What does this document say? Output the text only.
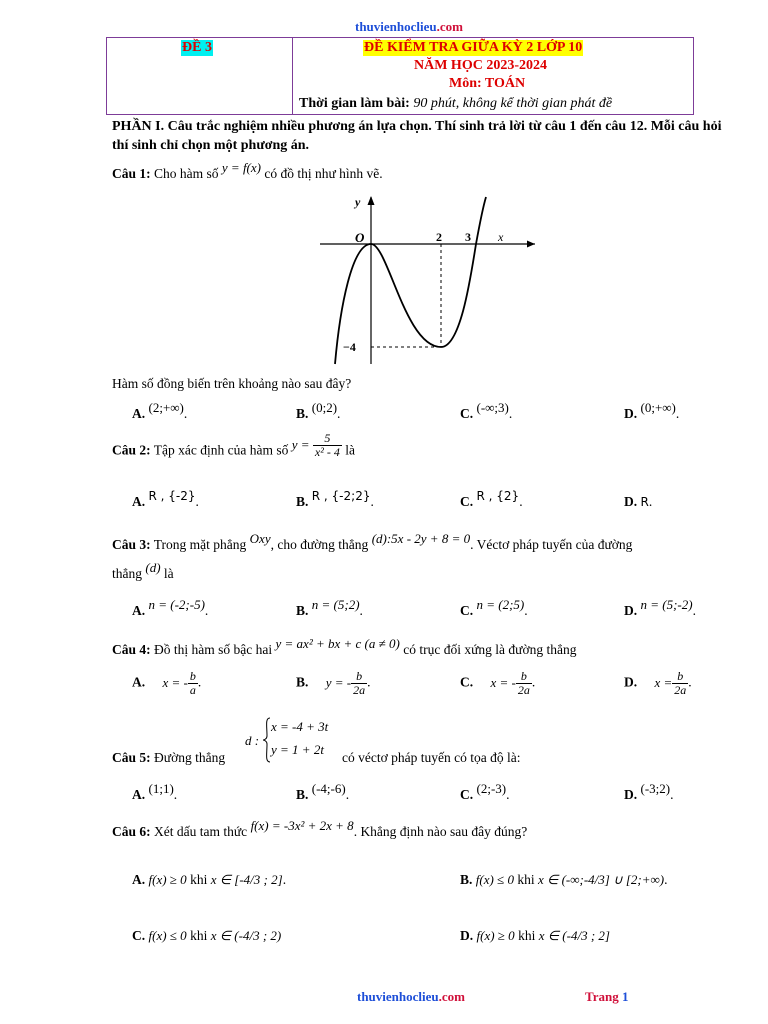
thuvienhoclieu.com
ĐỀ 3	ĐỀ KIỂM TRA GIỮA KỲ 2 LỚP 10
NĂM HỌC 2023-2024
Môn: TOÁN
Thời gian làm bài: 90 phút, không kể thời gian phát đề
PHẦN I. Câu trắc nghiệm nhiều phương án lựa chọn. Thí sinh trả lời từ câu 1 đến câu 12. Mỗi câu hỏi thí sinh chỉ chọn một phương án.
Câu 1: Cho hàm số y = f(x) có đồ thị như hình vẽ.
y
x
O	2 3
−4
Hàm số đồng biến trên khoảng nào sau đây?
A. (2;+∞).	B. (0;2).	C. (-∞;3).	D. (0;+∞).
Câu 2: Tập xác định của hàm số $y = \frac{5}{\text{x² - 4}}$ là
A. R , {-2}.	B. R , {-2;2}.	C. R , {2}.	D. R.
Câu 3: Trong mặt phẳng Oxy, cho đường thẳng (d):5x - 2y + 8 = 0. Véctơ pháp tuyến của đường
thẳng (d) là
A. n = (-2;-5).	B. n = (5;2).	C. n = (2;5).	D. n = (5;-2).
Câu 4: Đồ thị hàm số bậc hai y = ax² + bx + c (a ≠ 0) có trục đối xứng là đường thẳng
A. x = - $\frac{b}{a}$ .	B. y = - $\frac{b}{2a}$ .	C. x = - $\frac{b}{2a}$ .	D. $x = \frac{b}{2a}$ .
Câu 5: Đường thẳng
d :
x = -4 + 3t
y = 1 + 2t
có véctơ pháp tuyến có tọa độ là:
A. (1;1).	B. (-4;-6).	C. (2;-3).	D. (-3;2).
Câu 6: Xét dấu tam thức f(x) = -3x² + 2x + 8. Khẳng định nào sau đây đúng?
A. f(x) ≥ 0 khi x ∈ [-4/3 ; 2].	B. f(x) ≤ 0 khi x ∈ (-∞;-4/3] ∪ [2;+∞).
C. f(x) ≤ 0 khi x ∈ (-4/3 ; 2)	D. f(x) ≥ 0 khi x ∈ (-4/3 ; 2]
thuvienhoclieu.com	Trang 1
